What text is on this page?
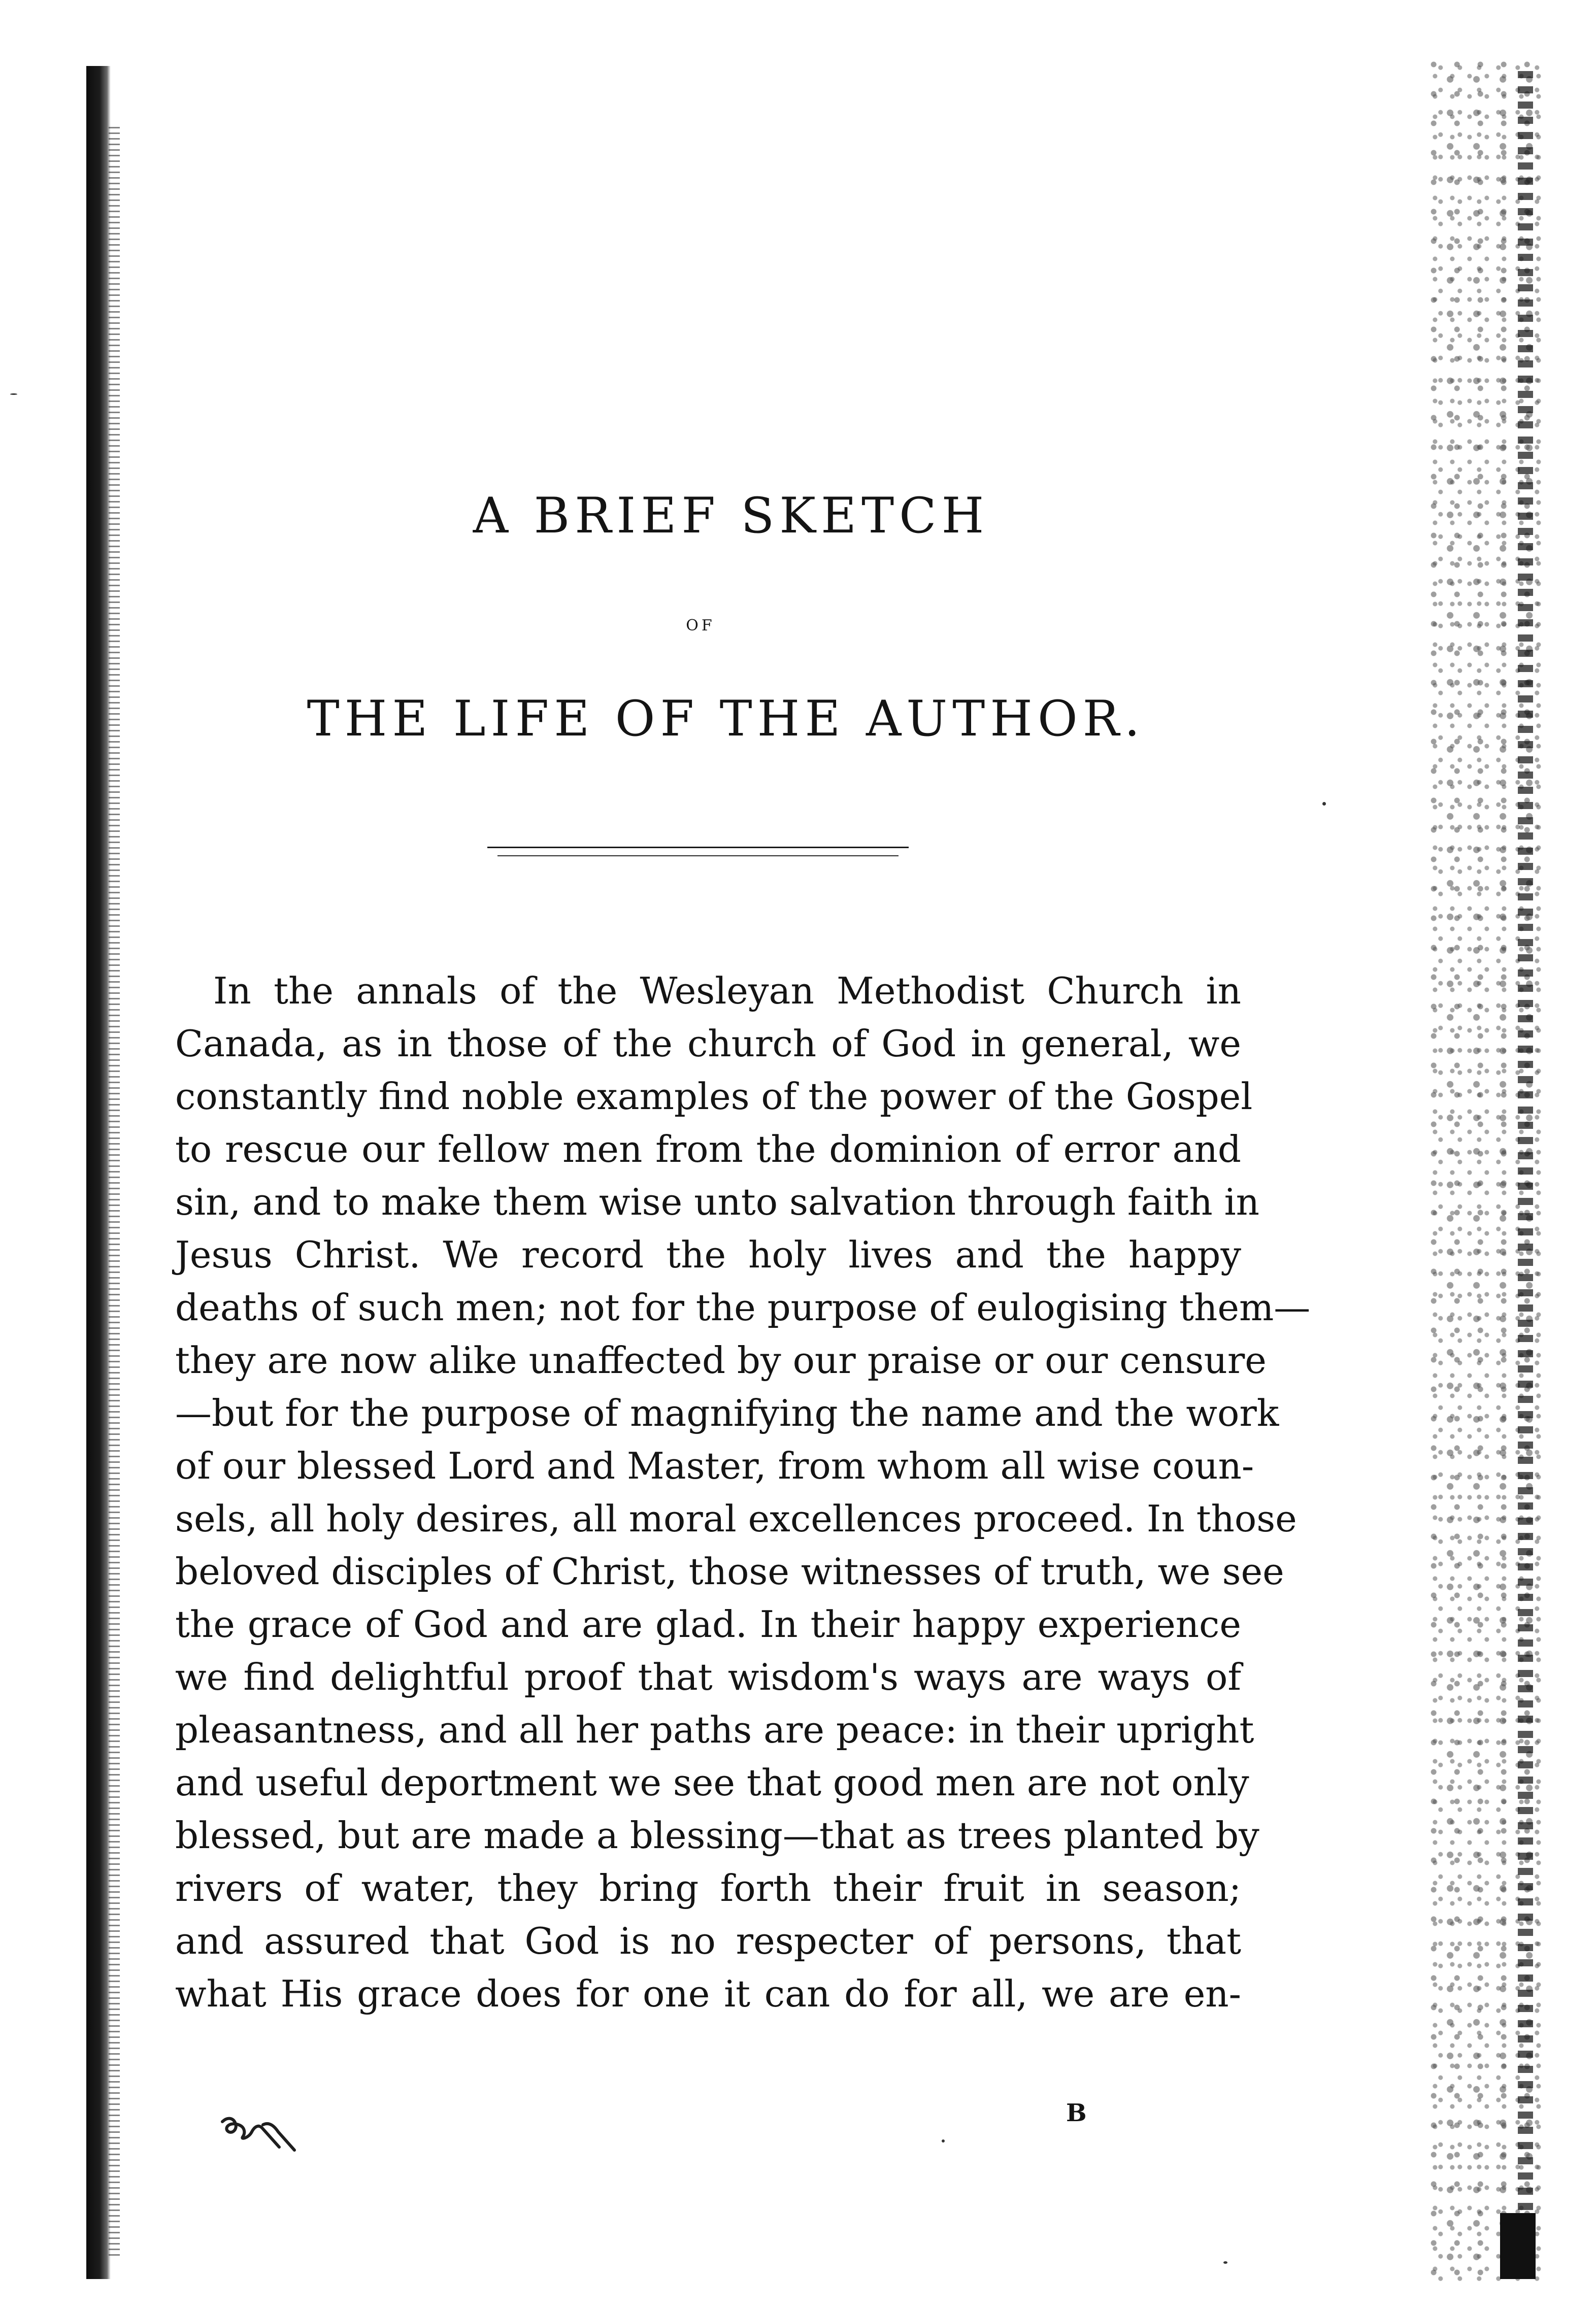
A BRIEF SKETCH
OF
THE LIFE OF THE AUTHOR.
In the annals of the Wesleyan Methodist Church in
Canada, as in those of the church of God in general, we
constantly find noble examples of the power of the Gospel
to rescue our fellow men from the dominion of error and
sin, and to make them wise unto salvation through faith in
Jesus Christ. We record the holy lives and the happy
deaths of such men; not for the purpose of eulogising them—
they are now alike unaffected by our praise or our censure
—but for the purpose of magnifying the name and the work
of our blessed Lord and Master, from whom all wise coun-
sels, all holy desires, all moral excellences proceed. In those
beloved disciples of Christ, those witnesses of truth, we see
the grace of God and are glad. In their happy experience
we find delightful proof that wisdom's ways are ways of
pleasantness, and all her paths are peace: in their upright
and useful deportment we see that good men are not only
blessed, but are made a blessing—that as trees planted by
rivers of water, they bring forth their fruit in season;
and assured that God is no respecter of persons, that
what His grace does for one it can do for all, we are en-
B
